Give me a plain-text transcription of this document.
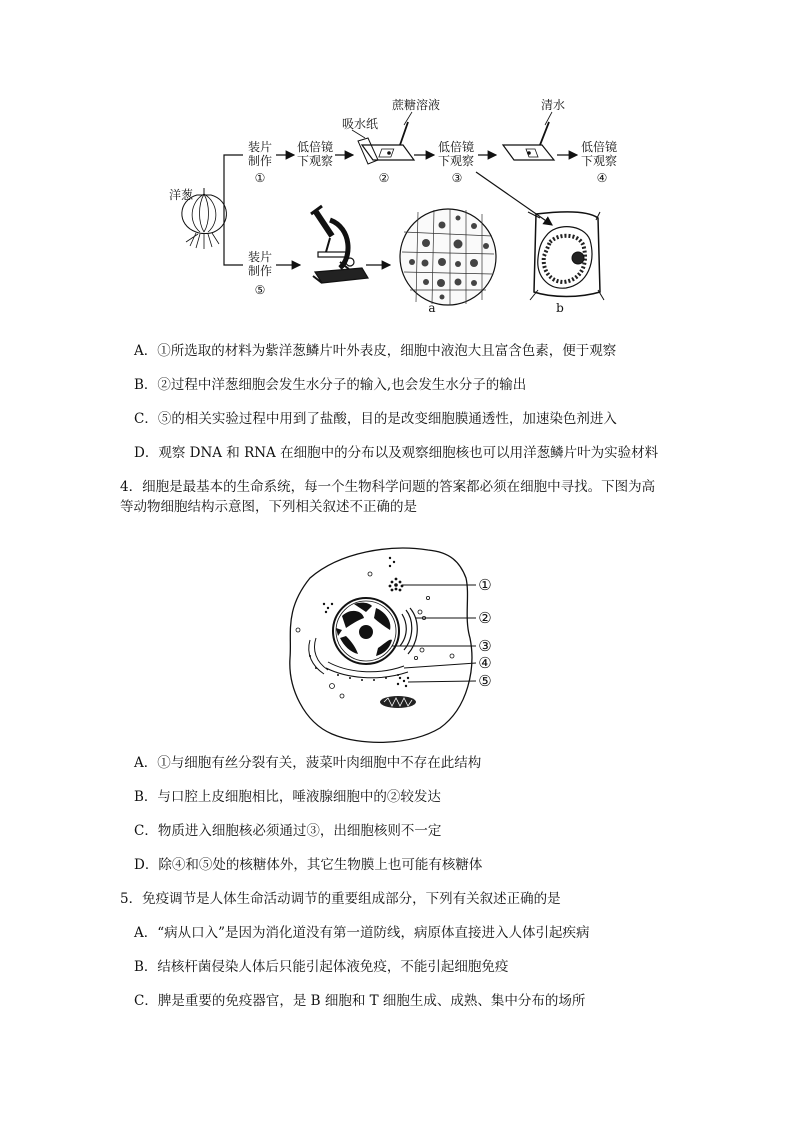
洋葱
装片
制作
①
低倍镜
下观察
吸水纸
蔗糖溶液
②
低倍镜
下观察
③
清水
低倍镜
下观察
④
装片
制作
⑤
a	b
A．①所选取的材料为紫洋葱鳞片叶外表皮，细胞中液泡大且富含色素，便于观察
B．②过程中洋葱细胞会发生水分子的输入,也会发生水分子的输出
C．⑤的相关实验过程中用到了盐酸，目的是改变细胞膜通透性，加速染色剂进入
D．观察 DNA 和 RNA 在细胞中的分布以及观察细胞核也可以用洋葱鳞片叶为实验材料
4．细胞是最基本的生命系统，每一个生物科学问题的答案都必须在细胞中寻找。下图为高
等动物细胞结构示意图，下列相关叙述不正确的是
①
②
③
④
⑤
A．①与细胞有丝分裂有关，菠菜叶肉细胞中不存在此结构
B．与口腔上皮细胞相比，唾液腺细胞中的②较发达
C．物质进入细胞核必须通过③，出细胞核则不一定
D．除④和⑤处的核糖体外，其它生物膜上也可能有核糖体
5．免疫调节是人体生命活动调节的重要组成部分，下列有关叙述正确的是
A．“病从口入”是因为消化道没有第一道防线，病原体直接进入人体引起疾病
B．结核杆菌侵染人体后只能引起体液免疫，不能引起细胞免疫
C．脾是重要的免疫器官，是 B 细胞和 T 细胞生成、成熟、集中分布的场所
